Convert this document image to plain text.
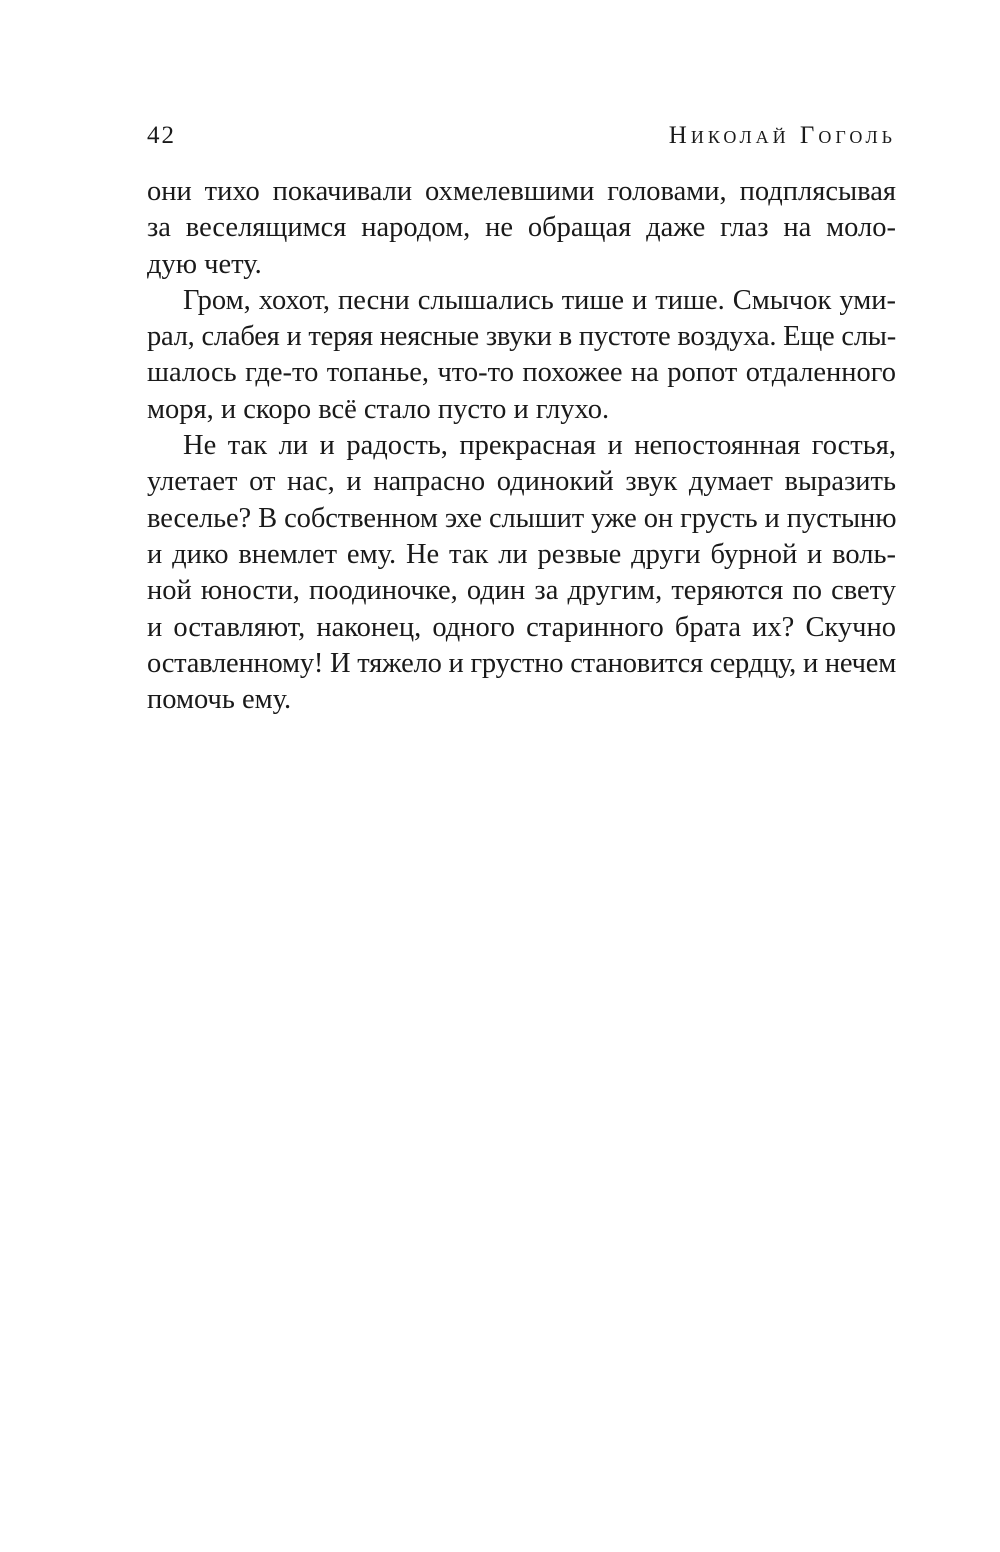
42	Николай Гоголь

они тихо покачивали охмелевшими головами, подплясывая
за веселящимся народом, не обращая даже глаз на моло-
дую чету.

Гром, хохот, песни слышались тише и тише. Смычок уми-
рал, слабея и теряя неясные звуки в пустоте воздуха. Еще слы-
шалось где-то топанье, что-то похожее на ропот отдаленного
моря, и скоро всё стало пусто и глухо.

Не так ли и радость, прекрасная и непостоянная гостья,
улетает от нас, и напрасно одинокий звук думает выразить
веселье? В собственном эхе слышит уже он грусть и пустыню
и дико внемлет ему. Не так ли резвые други бурной и воль-
ной юности, поодиночке, один за другим, теряются по свету
и оставляют, наконец, одного старинного брата их? Скучно
оставленному! И тяжело и грустно становится сердцу, и нечем
помочь ему.
